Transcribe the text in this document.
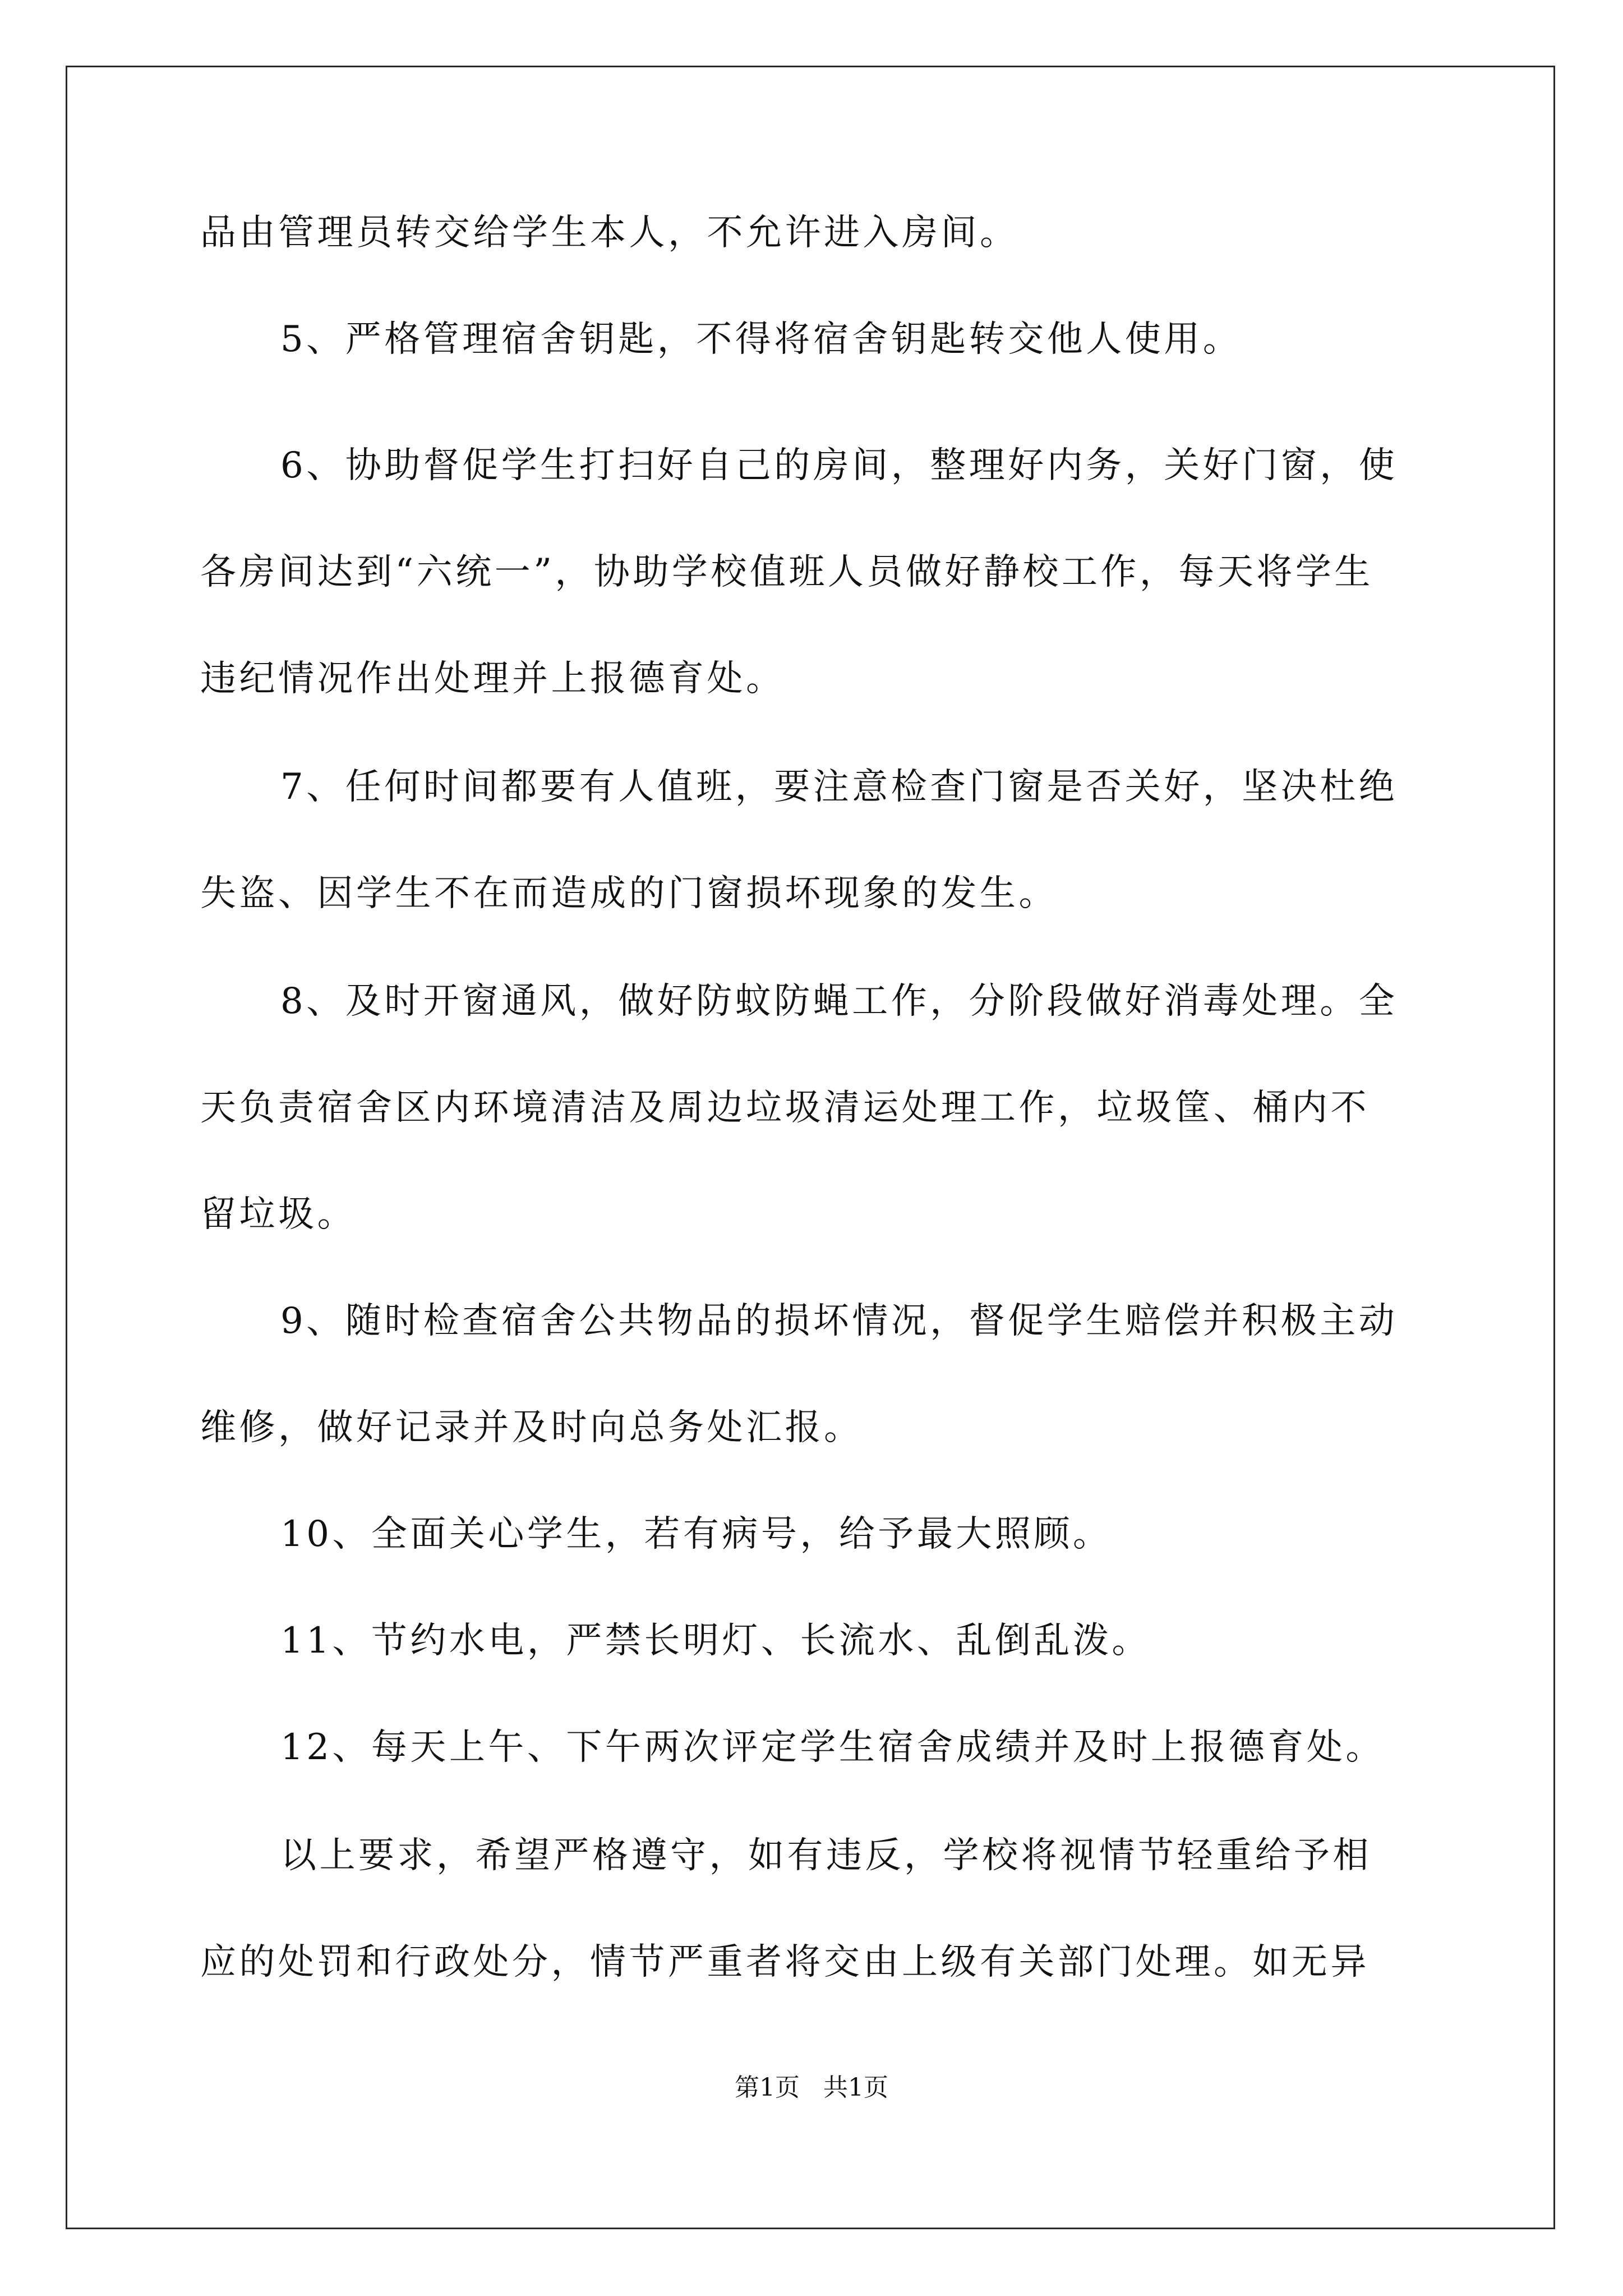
品由管理员转交给学生本人，不允许进入房间。
5、严格管理宿舍钥匙，不得将宿舍钥匙转交他人使用。
6、协助督促学生打扫好自己的房间，整理好内务，关好门窗，使
各房间达到“六统一”，协助学校值班人员做好静校工作，每天将学生
违纪情况作出处理并上报德育处。
7、任何时间都要有人值班，要注意检查门窗是否关好，坚决杜绝
失盗、因学生不在而造成的门窗损坏现象的发生。
8、及时开窗通风，做好防蚊防蝇工作，分阶段做好消毒处理。全
天负责宿舍区内环境清洁及周边垃圾清运处理工作，垃圾筐、桶内不
留垃圾。
9、随时检查宿舍公共物品的损坏情况，督促学生赔偿并积极主动
维修，做好记录并及时向总务处汇报。
10、全面关心学生，若有病号，给予最大照顾。
11、节约水电，严禁长明灯、长流水、乱倒乱泼。
12、每天上午、下午两次评定学生宿舍成绩并及时上报德育处。
以上要求，希望严格遵守，如有违反，学校将视情节轻重给予相
应的处罚和行政处分，情节严重者将交由上级有关部门处理。如无异
第1页   共1页
